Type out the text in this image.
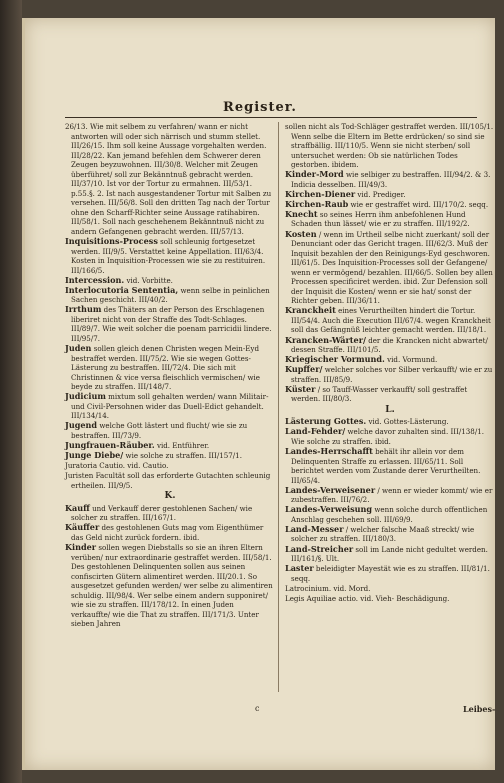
Register.
26/13. Wie mit selbem zu verfahren/ wann er nicht antworten will oder sich närrisch und stumm stellet. III/26/15. Ihm soll keine Aussage vorgehalten werden. III/28/22. Kan jemand befehlen dem Schwerer deren Zeugen beyzuwohnen. III/30/8. Welcher mit Zeugen überführet/ soll zur Bekänntnuß gebracht werden. III/37/10. Ist vor der Tortur zu ermahnen. III/53/1. p.55.§. 2. Ist nach ausgestandener Tortur mit Salben zu versehen. III/56/8. Soll den dritten Tag nach der Tortur ohne den Scharff-Richter seine Aussage ratihabiren. III/58/1. Soll nach geschehenem Bekänntnuß nicht zu andern Gefangenen gebracht werden. III/57/13.
Inquisitions-Process soll schleunig fortgesetzet werden. III/9/5. Verstattet keine Appellation. III/63/4. Kosten in Inquisition-Processen wie sie zu restituiren. III/166/5.
Intercession. vid. Vorbitte.
Interlocutoria Sententia, wenn selbe in peinlichen Sachen geschicht. III/40/2.
Irrthum des Thäters an der Person des Erschlagenen liberiret nicht von der Straffe des Todt-Schlages. III/89/7. Wie weit solcher die poenam parricidii lindere. III/95/7.
Juden sollen gleich denen Christen wegen Mein-Eyd bestraffet werden. III/75/2. Wie sie wegen Gottes-Lästerung zu bestraffen. III/72/4. Die sich mit Christinnen & vice versa fleischlich vermischen/ wie beyde zu straffen. III/148/7.
Judicium mixtum soll gehalten werden/ wann Militair- und Civil-Persohnen wider das Duell-Edict gehandelt. III/134/14.
Jugend welche Gott lästert und flucht/ wie sie zu bestraffen. III/73/9.
Jungfrauen-Räuber. vid. Entführer.
Junge Diebe/ wie solche zu straffen. III/157/1.
Juratoria Cautio. vid. Cautio.
Juristen Facultät soll das erforderte Gutachten schleunig ertheilen. III/9/5.
K.
Kauff und Verkauff derer gestohlenen Sachen/ wie solcher zu straffen. III/167/1.
Käuffer des gestohlenen Guts mag vom Eigenthümer das Geld nicht zurück fordern. ibid.
Kinder sollen wegen Diebstalls so sie an ihren Eltern verüben/ nur extraordinarie gestraffet werden. III/58/1. Des gestohlenen Delinquenten sollen aus seinen confiscirten Gütern alimentiret werden. III/20.1. So ausgesetzet gefunden werden/ wer selbe zu alimentiren schuldig. III/98/4. Wer selbe einem andern supponiret/ wie sie zu straffen. III/178/12. In einen Juden verkauffte/ wie die That zu straffen. III/171/3. Unter sieben Jahren
sollen nicht als Tod-Schläger gestraffet werden. III/105/1. Wenn selbe die Eltern im Bette erdrücken/ so sind sie straffbällig. III/110/5. Wenn sie nicht sterben/ soll untersuchet werden: Ob sie natürlichen Todes gestorben. ibidem.
Kinder-Mord wie selbiger zu bestraffen. III/94/2. & 3. Indicia desselben. III/49/3.
Kirchen-Diener vid. Prediger.
Kirchen-Raub wie er gestraffet wird. III/170/2. seqq.
Knecht so seines Herrn ihm anbefohlenen Hund Schaden thun lässet/ wie er zu straffen. III/192/2.
Kosten / wenn im Urtheil selbe nicht zuerkant/ soll der Denunciant oder das Gericht tragen. III/62/3. Muß der Inquisit bezahlen der den Reinigungs-Eyd geschworen. III/61/5. Des Inquisition-Processes soll der Gefangene/ wenn er vermögend/ bezahlen. III/66/5. Sollen bey allen Processen specificiret werden. ibid. Zur Defension soll der Inquisit die Kosten/ wenn er sie hat/ sonst der Richter geben. III/36/11.
Kranckheit eines Verurtheilten hindert die Tortur. III/54/4. Auch die Execution III/67/4. wegen Kranckheit soll das Gefängnüß leichter gemacht werden. III/18/1.
Krancken-Wärter/ der die Krancken nicht abwartet/ dessen Straffe. III/101/5.
Kriegischer Vormund. vid. Vormund.
Kupffer/ welcher solches vor Silber verkaufft/ wie er zu straffen. III/85/9.
Küster / so Tauff-Wasser verkaufft/ soll gestraffet werden. III/80/3.
L.
Lästerung Gottes. vid. Gottes-Lästerung.
Land-Fehder/ welche davor zuhalten sind. III/138/1. Wie solche zu straffen. ibid.
Landes-Herrschafft behält ihr allein vor dem Delinquenten Straffe zu erlassen. III/65/11. Soll berichtet werden vom Zustande derer Verurtheilten. III/65/4.
Landes-Verweisener / wenn er wieder kommt/ wie er zubestraffen. III/76/2.
Landes-Verweisung wenn solche durch offentlichen Anschlag geschehen soll. III/69/9.
Land-Messer / welcher falsche Maaß streckt/ wie solcher zu straffen. III/180/3.
Land-Streicher soll im Lande nicht gedultet werden. III/161/§. Ult.
Laster beleidigter Mayestät wie es zu straffen. III/81/1. seqq.
Latrocinium. vid. Mord.
Legis Aquiliae actio. vid. Vieh- Beschädigung.
c	Leibes-
